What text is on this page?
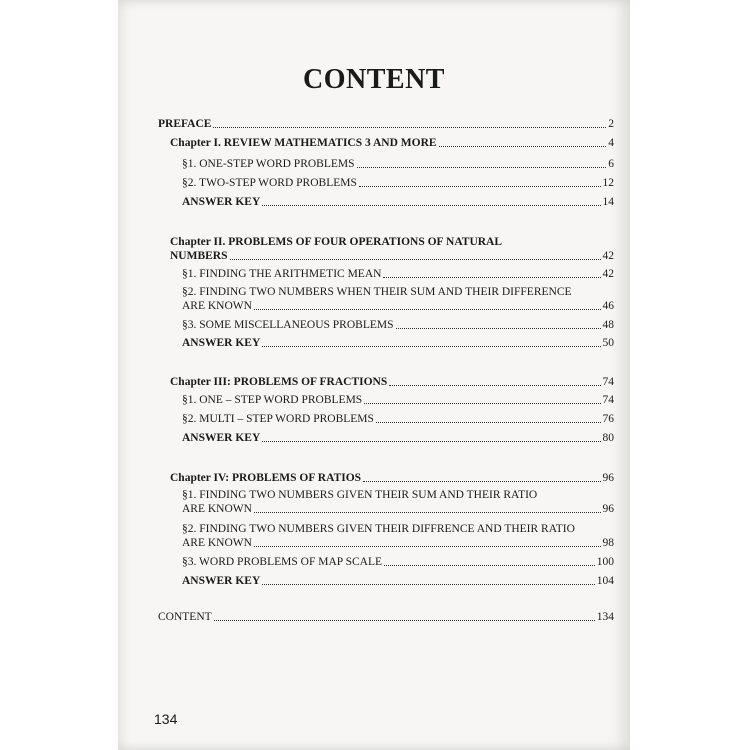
CONTENT
PREFACE	2
Chapter I. REVIEW MATHEMATICS 3 AND MORE	4
§1. ONE-STEP WORD PROBLEMS	6
§2. TWO-STEP WORD PROBLEMS	12
ANSWER KEY	14
Chapter II. PROBLEMS OF FOUR OPERATIONS OF NATURAL
NUMBERS	42
§1. FINDING THE ARITHMETIC MEAN	42
§2. FINDING TWO NUMBERS WHEN THEIR SUM AND THEIR DIFFERENCE
ARE KNOWN	46
§3. SOME MISCELLANEOUS PROBLEMS	48
ANSWER KEY	50
Chapter III: PROBLEMS OF FRACTIONS	74
§1. ONE – STEP WORD PROBLEMS	74
§2. MULTI – STEP WORD PROBLEMS	76
ANSWER KEY	80
Chapter IV: PROBLEMS OF RATIOS	96
§1. FINDING TWO NUMBERS GIVEN THEIR SUM AND THEIR RATIO
ARE KNOWN	96
§2. FINDING TWO NUMBERS GIVEN THEIR DIFFRENCE AND THEIR RATIO
ARE KNOWN	98
§3. WORD PROBLEMS OF MAP SCALE	100
ANSWER KEY	104
CONTENT	134
134
